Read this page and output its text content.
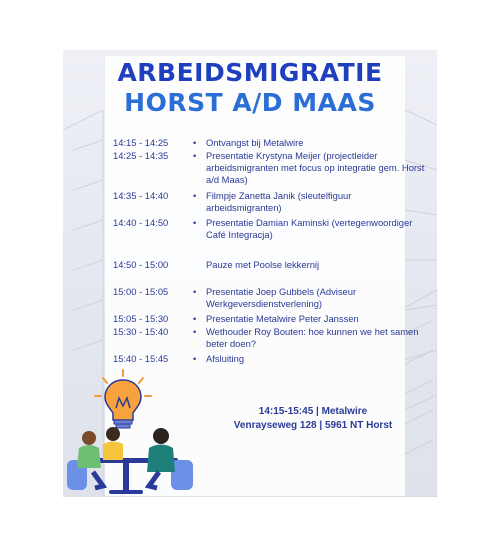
ARBEIDSMIGRATIE
HORST A/D MAAS
14:15 - 14:25	•	Ontvangst bij Metalwire
14:25 - 14:35	•	Presentatie Krystyna Meijer (projectleider arbeidsmigranten met focus op integratie gem. Horst a/d Maas)
14:35 - 14:40	•	Filmpje Zanetta Janik (sleutelfiguur arbeidsmigranten)
14:40 - 14:50	•	Presentatie Damian Kaminski (vertegenwoordiger Café Integracja)
14:50 - 15:00	Pauze met Poolse lekkernij
15:00 - 15:05	•	Presentatie Joep Gubbels (Adviseur Werkgeversdienstverlening)
15:05 - 15:30	•	Presentatie Metalwire Peter Janssen
15:30 - 15:40	•	Wethouder Roy Bouten: hoe kunnen we het samen beter doen?
15:40 - 15:45	•	Afsluiting
14:15-15:45 | Metalwire
Venrayseweg 128 | 5961 NT Horst
